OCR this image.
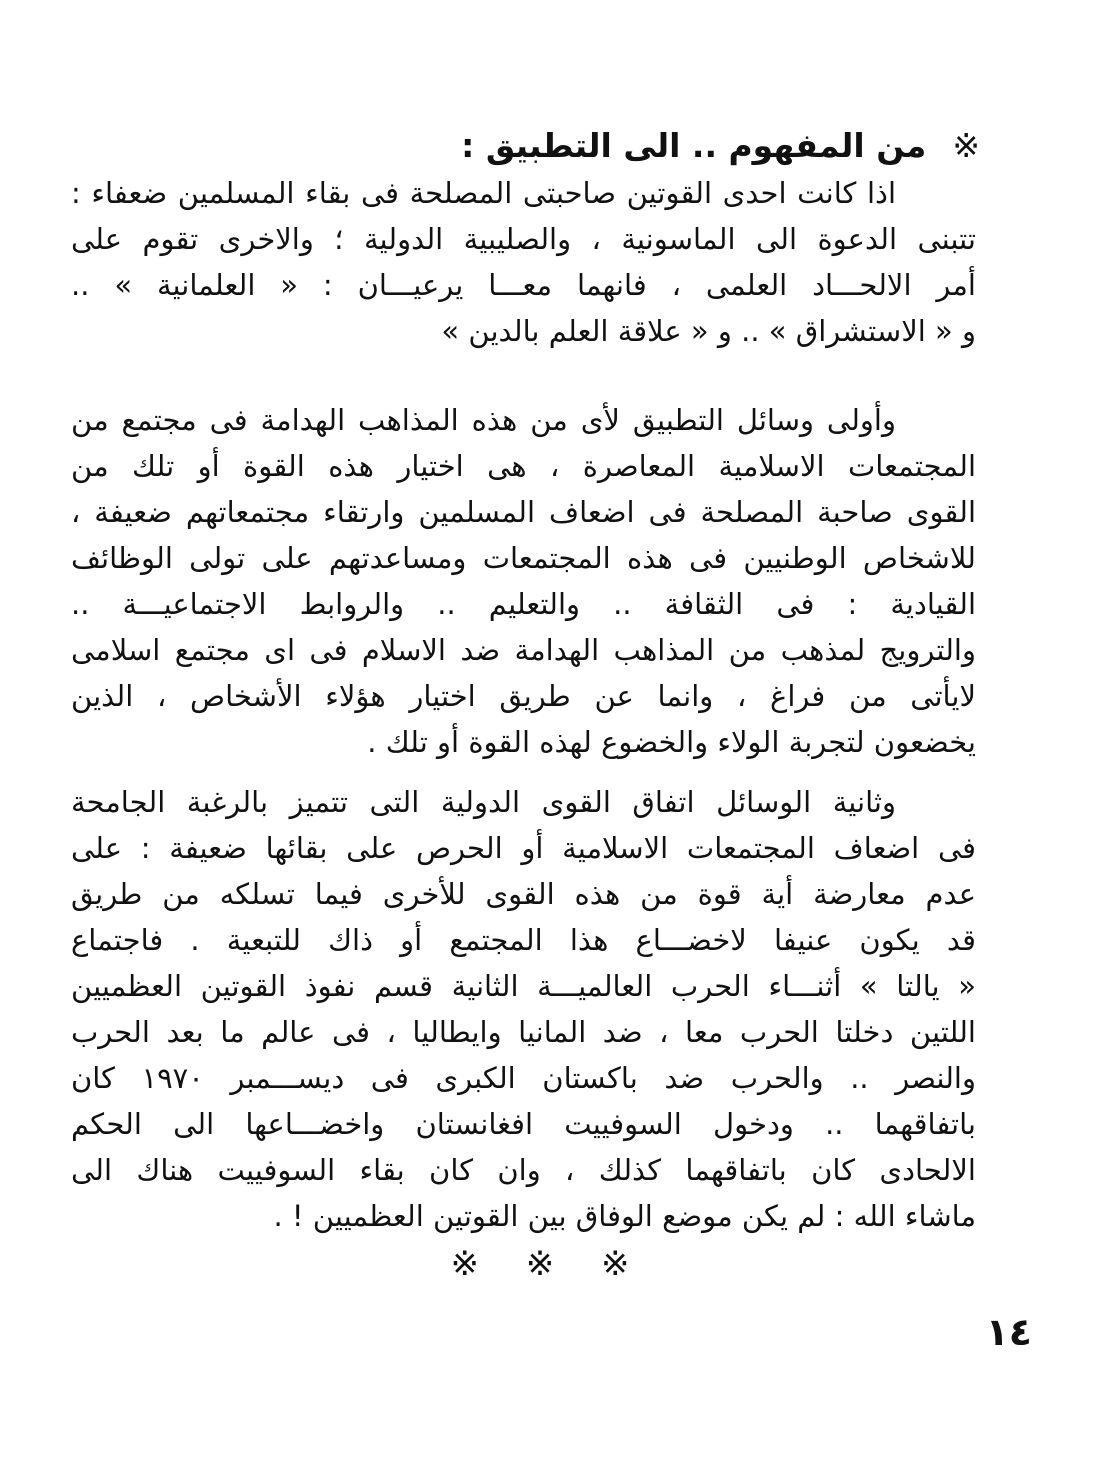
※من المفهوم .. الى التطبيق :
اذا كانت احدى القوتين صاحبتى المصلحة فى بقاء المسلمين ضعفاء :
تتبنى الدعوة الى الماسونية ، والصليبية الدولية ؛ والاخرى تقوم على
أمر الالحـــاد العلمى ، فانهما معـــا يرعيـــان : « العلمانية » ..
و « الاستشراق » .. و « علاقة العلم بالدين »
وأولى وسائل التطبيق لأى من هذه المذاهب الهدامة فى مجتمع من
المجتمعات الاسلامية المعاصرة ، هى اختيار هذه القوة أو تلك من
القوى صاحبة المصلحة فى اضعاف المسلمين وارتقاء مجتمعاتهم ضعيفة ،
للاشخاص الوطنيين فى هذه المجتمعات ومساعدتهم على تولى الوظائف
القيادية : فى الثقافة .. والتعليم .. والروابط الاجتماعيـــة ..
والترويج لمذهب من المذاهب الهدامة ضد الاسلام فى اى مجتمع اسلامى
لايأتى من فراغ ، وانما عن طريق اختيار هؤلاء الأشخاص ، الذين
يخضعون لتجربة الولاء والخضوع لهذه القوة أو تلك .
وثانية الوسائل اتفاق القوى الدولية التى تتميز بالرغبة الجامحة
فى اضعاف المجتمعات الاسلامية أو الحرص على بقائها ضعيفة : على
عدم معارضة أية قوة من هذه القوى للأخرى فيما تسلكه من طريق
قد يكون عنيفا لاخضـــاع هذا المجتمع أو ذاك للتبعية . فاجتماع
« يالتا » أثنـــاء الحرب العالميـــة الثانية قسم نفوذ القوتين العظميين
اللتين دخلتا الحرب معا ، ضد المانيا وايطاليا ، فى عالم ما بعد الحرب
والنصر .. والحرب ضد باكستان الكبرى فى ديســـمبر ١٩٧٠ كان
باتفاقهما .. ودخول السوفييت افغانستان واخضـــاعها الى الحكم
الالحادى كان باتفاقهما كذلك ، وان كان بقاء السوفييت هناك الى
ماشاء الله : لم يكن موضع الوفاق بين القوتين العظميين ! .
※ ※ ※
١٤
